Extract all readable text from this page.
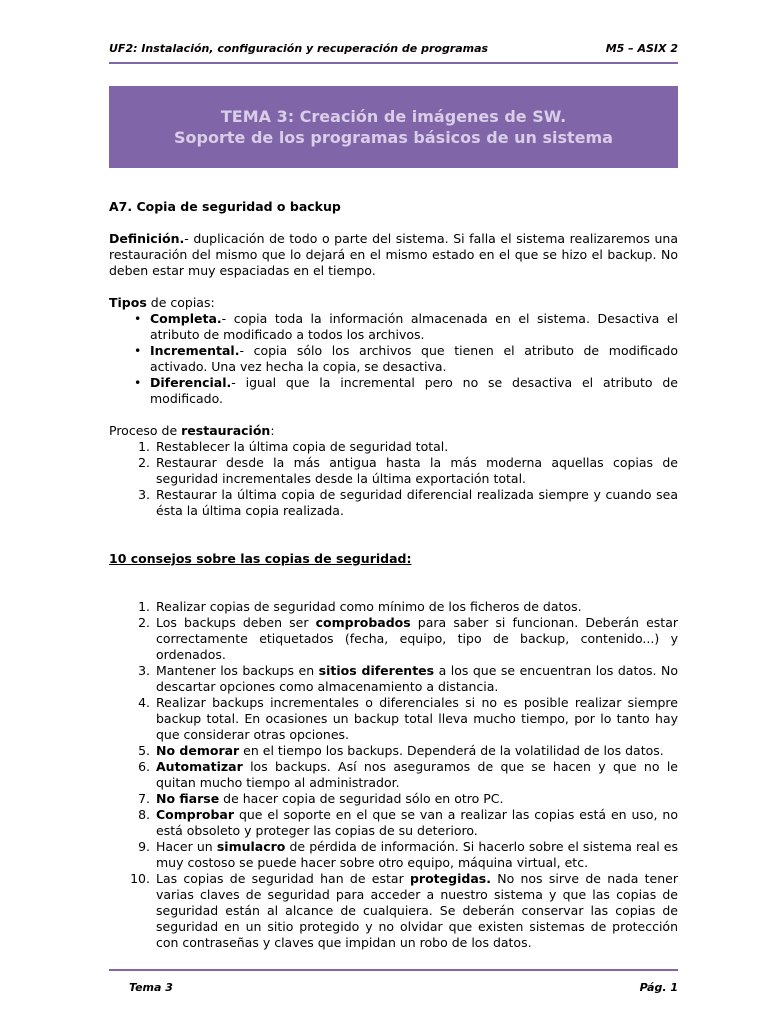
UF2: Instalación, configuración y recuperación de programas	M5 – ASIX 2
TEMA 3: Creación de imágenes de SW.
Soporte de los programas básicos de un sistema

A7. Copia de seguridad o backup

Definición.- duplicación de todo o parte del sistema. Si falla el sistema realizaremos una restauración del mismo que lo dejará en el mismo estado en el que se hizo el backup. No deben estar muy espaciadas en el tiempo.

Tipos de copias:

• Completa.- copia toda la información almacenada en el sistema. Desactiva el atributo de modificado a todos los archivos.
• Incremental.- copia sólo los archivos que tienen el atributo de modificado activado. Una vez hecha la copia, se desactiva.
• Diferencial.- igual que la incremental pero no se desactiva el atributo de modificado.

Proceso de restauración:

1. Restablecer la última copia de seguridad total.
2. Restaurar desde la más antigua hasta la más moderna aquellas copias de seguridad incrementales desde la última exportación total.
3. Restaurar la última copia de seguridad diferencial realizada siempre y cuando sea ésta la última copia realizada.

10 consejos sobre las copias de seguridad:

1. Realizar copias de seguridad como mínimo de los ficheros de datos.
2. Los backups deben ser comprobados para saber si funcionan. Deberán estar correctamente etiquetados (fecha, equipo, tipo de backup, contenido...) y ordenados.
3. Mantener los backups en sitios diferentes a los que se encuentran los datos. No descartar opciones como almacenamiento a distancia.
4. Realizar backups incrementales o diferenciales si no es posible realizar siempre backup total. En ocasiones un backup total lleva mucho tiempo, por lo tanto hay que considerar otras opciones.
5. No demorar en el tiempo los backups. Dependerá de la volatilidad de los datos.
6. Automatizar los backups. Así nos aseguramos de que se hacen y que no le quitan mucho tiempo al administrador.
7. No fiarse de hacer copia de seguridad sólo en otro PC.
8. Comprobar que el soporte en el que se van a realizar las copias está en uso, no está obsoleto y proteger las copias de su deterioro.
9. Hacer un simulacro de pérdida de información. Si hacerlo sobre el sistema real es muy costoso se puede hacer sobre otro equipo, máquina virtual, etc.
10. Las copias de seguridad han de estar protegidas. No nos sirve de nada tener varias claves de seguridad para acceder a nuestro sistema y que las copias de seguridad están al alcance de cualquiera. Se deberán conservar las copias de seguridad en un sitio protegido y no olvidar que existen sistemas de protección con contraseñas y claves que impidan un robo de los datos.
Tema 3	Pág. 1
